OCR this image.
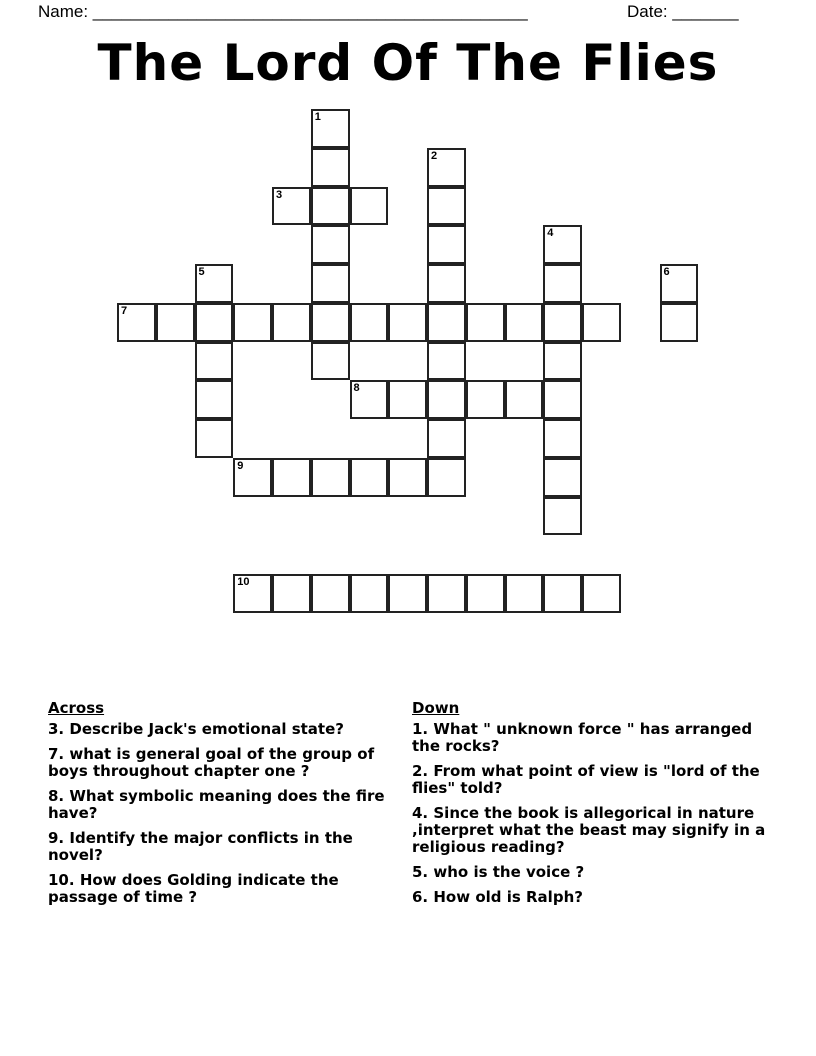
Name: ______________________________________________	Date: _______
The Lord Of The Flies
1
2
3
4
5	6
7
8
9
10
Across
3. Describe Jack's emotional state?
7. what is general goal of the group of boys throughout chapter one ?
8. What symbolic meaning does the fire have?
9. Identify the major conflicts in the novel?
10. How does Golding indicate the passage of time ?
Down
1. What " unknown force " has arranged the rocks?
2. From what point of view is "lord of the flies" told?
4. Since the book is allegorical in nature ,interpret what the beast may signify in a religious reading?
5. who is the voice ?
6. How old is Ralph?
